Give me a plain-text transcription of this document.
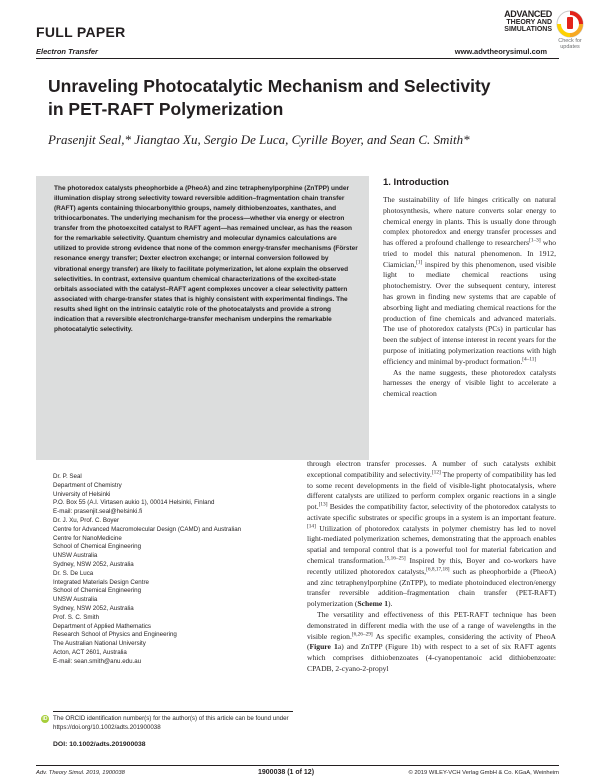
FULL PAPER
Electron Transfer	www.advtheorysimul.com
ADVANCED
THEORY AND
SIMULATIONS
Check for updates
Unraveling Photocatalytic Mechanism and Selectivity
in PET-RAFT Polymerization
Prasenjit Seal,* Jiangtao Xu, Sergio De Luca, Cyrille Boyer, and Sean C. Smith*

The photoredox catalysts pheophorbide a (PheoA) and zinc tetraphenylporphine (ZnTPP) under illumination display strong selectivity toward reversible addition–fragmentation chain transfer (RAFT) agents containing thiocarbonylthio groups, namely dithiobenzoates, xanthates, and trithiocarbonates. The underlying mechanism for the process—whether via energy or electron transfer from the photoexcited catalyst to RAFT agent—has remained unclear, as has the reason for the remarkable selectivity. Quantum chemistry and molecular dynamics calculations are utilized to provide strong evidence that none of the common energy-transfer mechanisms (Förster resonance energy transfer; Dexter electron exchange; or internal conversion followed by vibrational energy transfer) are likely to facilitate polymerization, let alone explain the observed selectivities. In contrast, extensive quantum chemical characterizations of the excited-state orbitals associated with the catalyst–RAFT agent complexes uncover a clear selectivity pattern associated with charge-transfer states that is highly consistent with experimental findings. The results shed light on the intrinsic catalytic role of the photocatalysts and provide a strong indication that a reversible electron/charge-transfer mechanism underpins the remarkable photocatalytic selectivity.

1. Introduction

The sustainability of life hinges critically on natural photosynthesis, where nature converts solar energy to chemical energy in plants. This is usually done through complex photoredox and energy transfer processes and has offered a profound challenge to researchers[1–3] who tried to model this natural phenomenon. In 1912, Ciamician,[1] inspired by this phenomenon, used visible light to mediate chemical reactions using photochemistry. Over the subsequent century, interest has grown in finding new systems that are capable of absorbing light and mediating chemical reactions for the production of fine chemicals and advanced materials. The use of photoredox catalysts (PCs) in particular has been the subject of intense interest in recent years for the purpose of initiating polymerization reactions with high efficiency and minimal by-product formation.[4–11]

As the name suggests, these photoredox catalysts harnesses the energy of visible light to accelerate a chemical reaction

through electron transfer processes. A number of such catalysts exhibit exceptional compatibility and selectivity.[12] The property of compatibility has led to some recent developments in the field of visible-light photocatalysis, where different catalysts are utilized to perform complex organic reactions in a single pot.[13] Besides the compatibility factor, selectivity of the photoredox catalysts to activate specific substrates or specific groups in a system is an important feature.[14] Utilization of photoredox catalysts in polymer chemistry has led to novel light-mediated polymerization schemes, demonstrating that the approach enables spatial and temporal control that is a powerful tool for material fabrication and chemical transformation.[5,16–25] Inspired by this, Boyer and co-workers have recently utilized photoredox catalysts,[6,8,17,18] such as pheophorbide a (PheoA) and zinc tetraphenylporphine (ZnTPP), to mediate photoinduced electron/energy transfer reversible addition–fragmentation chain transfer (PET-RAFT) polymerization (Scheme 1).

The versatility and effectiveness of this PET-RAFT technique has been demonstrated in different media with the use of a range of wavelengths in the visible region.[6,26–29] As specific examples, considering the activity of PheoA (Figure 1a) and ZnTPP (Figure 1b) with respect to a set of six RAFT agents which comprises dithiobenzoates (4-cyanopentanoic acid dithiobenzoate: CPADB, 2-cyano-2-propyl

Dr. P. Seal
Department of Chemistry
University of Helsinki
P.O. Box 55 (A.I. Virtasen aukio 1), 00014 Helsinki, Finland
E-mail: prasenjit.seal@helsinki.fi
Dr. J. Xu, Prof. C. Boyer
Centre for Advanced Macromolecular Design (CAMD) and Australian
Centre for NanoMedicine
School of Chemical Engineering
UNSW Australia
Sydney, NSW 2052, Australia
Dr. S. De Luca
Integrated Materials Design Centre
School of Chemical Engineering
UNSW Australia
Sydney, NSW 2052, Australia
Prof. S. C. Smith
Department of Applied Mathematics
Research School of Physics and Engineering
The Australian National University
Acton, ACT 2601, Australia
E-mail: sean.smith@anu.edu.au
iD The ORCID identification number(s) for the author(s) of this article can be found under https://doi.org/10.1002/adts.201900038
DOI: 10.1002/adts.201900038
Adv. Theory Simul. 2019, 1900038	1900038 (1 of 12)	© 2019 WILEY-VCH Verlag GmbH & Co. KGaA, Weinheim
